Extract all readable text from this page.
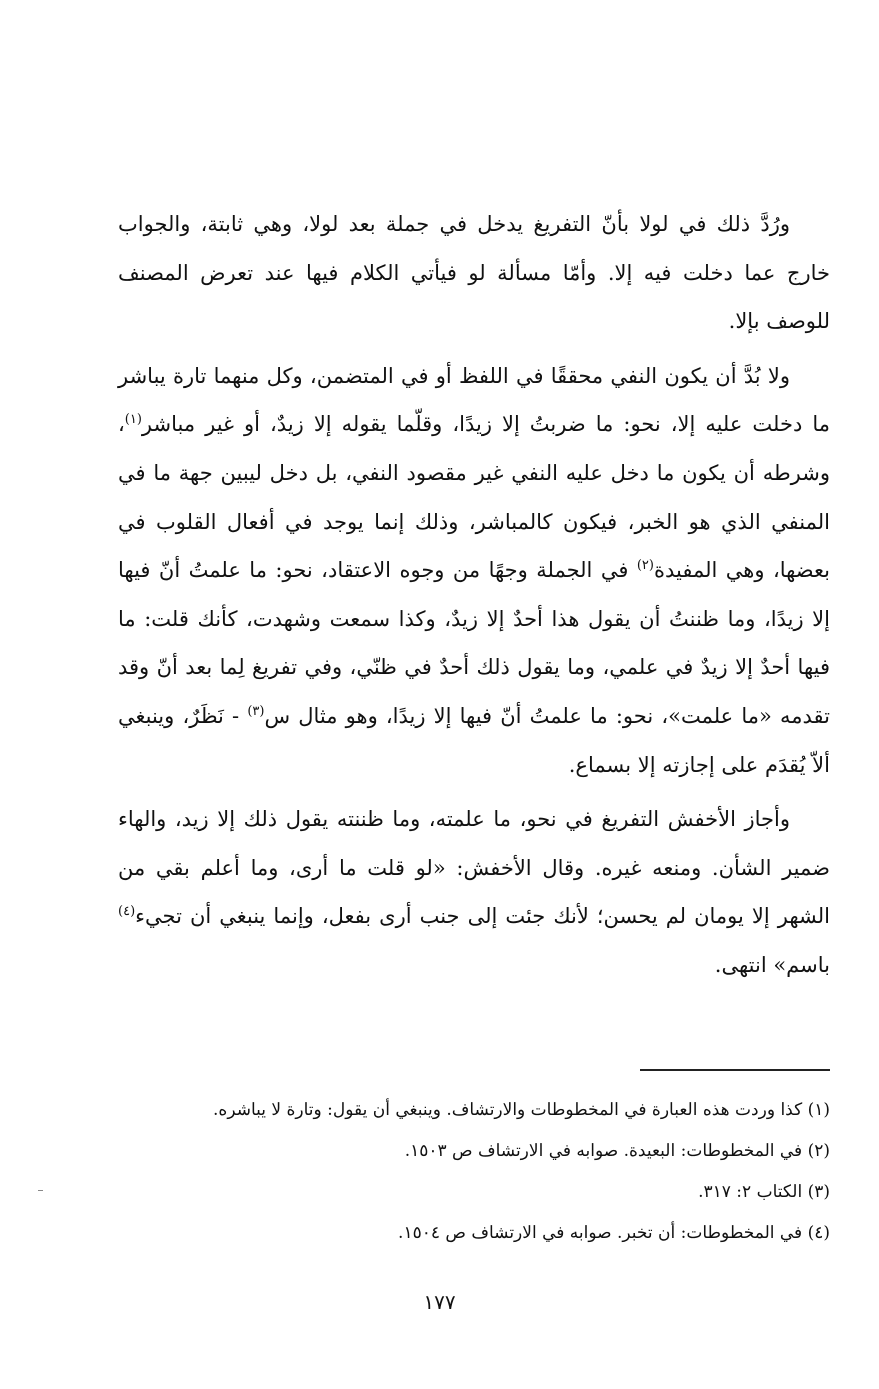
ورُدَّ ذلك في لولا بأنّ التفريغ يدخل في جملة بعد لولا، وهي ثابتة، والجواب خارج عما دخلت فيه إلا. وأمّا مسألة لو فيأتي الكلام فيها عند تعرض المصنف للوصف بإلا.

ولا بُدَّ أن يكون النفي محققًا في اللفظ أو في المتضمن، وكل منهما تارة يباشر ما دخلت عليه إلا، نحو: ما ضربتُ إلا زيدًا، وقلّما يقوله إلا زيدٌ، أو غير مباشر$^{(١)}$، وشرطه أن يكون ما دخل عليه النفي غير مقصود النفي، بل دخل ليبين جهة ما في المنفي الذي هو الخبر، فيكون كالمباشر، وذلك إنما يوجد في أفعال القلوب في بعضها، وهي المفيدة$^{(٢)}$ في الجملة وجهًا من وجوه الاعتقاد، نحو: ما علمتُ أنّ فيها إلا زيدًا، وما ظننتُ أن يقول هذا أحدٌ إلا زيدٌ، وكذا سمعت وشهدت، كأنك قلت: ما فيها أحدٌ إلا زيدٌ في علمي، وما يقول ذلك أحدٌ في ظنّي، وفي تفريغ لِما بعد أنّ وقد تقدمه «ما علمت»، نحو: ما علمتُ أنّ فيها إلا زيدًا، وهو مثال س$^{(٣)}$ - نَظَرٌ، وينبغي ألاّ يُقدَم على إجازته إلا بسماع.

وأجاز الأخفش التفريغ في نحو، ما علمته، وما ظننته يقول ذلك إلا زيد، والهاء ضمير الشأن. ومنعه غيره. وقال الأخفش: «لو قلت ما أرى، وما أعلم بقي من الشهر إلا يومان لم يحسن؛ لأنك جئت إلى جنب أرى بفعل، وإنما ينبغي أن تجيء$^{(٤)}$ باسم» انتهى.

(١) كذا وردت هذه العبارة في المخطوطات والارتشاف. وينبغي أن يقول: وتارة لا يباشره.

(٢) في المخطوطات: البعيدة. صوابه في الارتشاف ص ١٥٠٣.

(٣) الكتاب ٢: ٣١٧.

(٤) في المخطوطات: أن تخبر. صوابه في الارتشاف ص ١٥٠٤.

١٧٧
